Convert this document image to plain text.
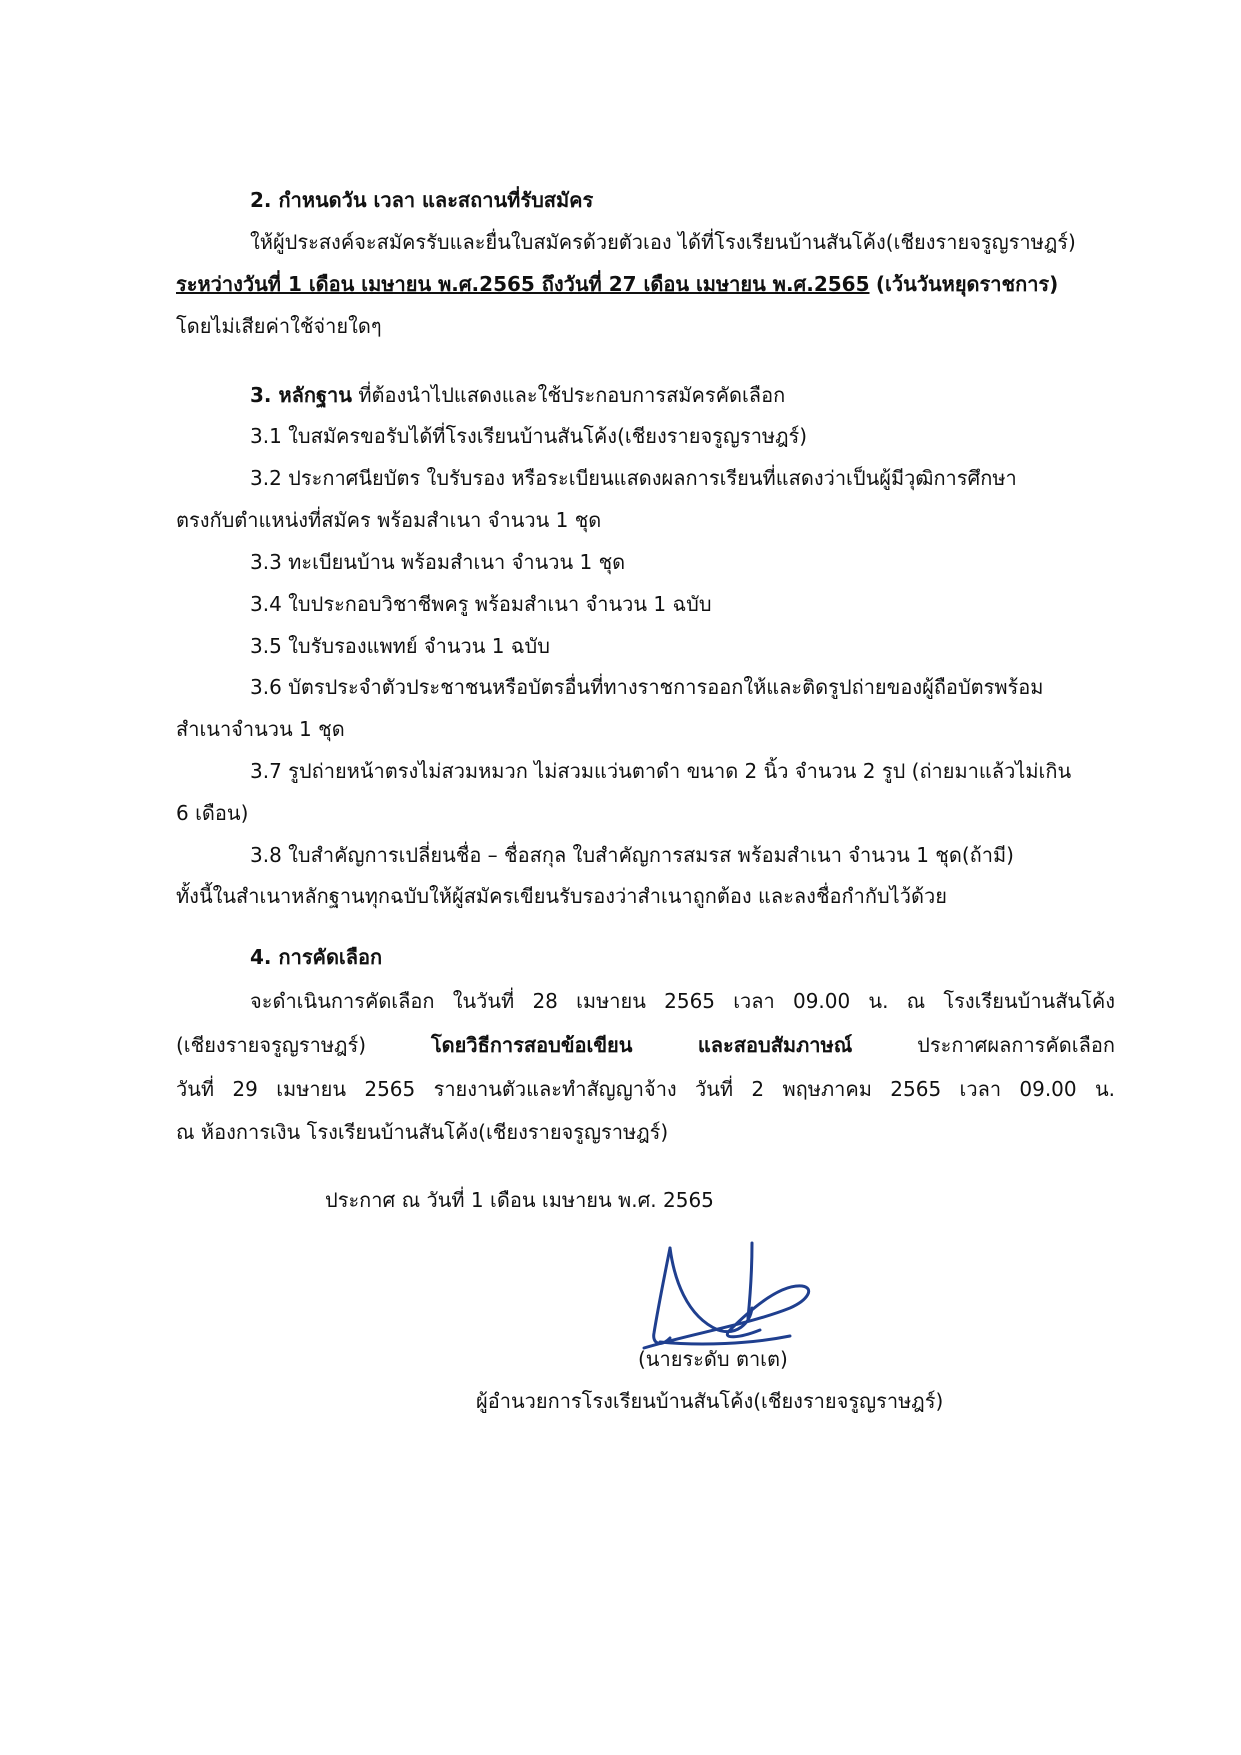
2. กำหนดวัน เวลา และสถานที่รับสมัคร
ให้ผู้ประสงค์จะสมัครรับและยื่นใบสมัครด้วยตัวเอง ได้ที่โรงเรียนบ้านสันโค้ง(เชียงรายจรูญราษฎร์)
ระหว่างวันที่ 1 เดือน เมษายน พ.ศ.2565 ถึงวันที่ 27 เดือน เมษายน พ.ศ.2565 (เว้นวันหยุดราชการ)
โดยไม่เสียค่าใช้จ่ายใดๆ
3. หลักฐาน ที่ต้องนำไปแสดงและใช้ประกอบการสมัครคัดเลือก
3.1 ใบสมัครขอรับได้ที่โรงเรียนบ้านสันโค้ง(เชียงรายจรูญราษฎร์)
3.2 ประกาศนียบัตร ใบรับรอง หรือระเบียนแสดงผลการเรียนที่แสดงว่าเป็นผู้มีวุฒิการศึกษา
ตรงกับตำแหน่งที่สมัคร พร้อมสำเนา จำนวน 1 ชุด
3.3 ทะเบียนบ้าน พร้อมสำเนา จำนวน 1 ชุด
3.4 ใบประกอบวิชาชีพครู พร้อมสำเนา จำนวน 1 ฉบับ
3.5 ใบรับรองแพทย์ จำนวน 1 ฉบับ
3.6 บัตรประจำตัวประชาชนหรือบัตรอื่นที่ทางราชการออกให้และติดรูปถ่ายของผู้ถือบัตรพร้อม
สำเนาจำนวน 1 ชุด
3.7 รูปถ่ายหน้าตรงไม่สวมหมวก ไม่สวมแว่นตาดำ ขนาด 2 นิ้ว จำนวน 2 รูป (ถ่ายมาแล้วไม่เกิน
6 เดือน)
3.8 ใบสำคัญการเปลี่ยนชื่อ – ชื่อสกุล ใบสำคัญการสมรส พร้อมสำเนา จำนวน 1 ชุด(ถ้ามี)
ทั้งนี้ในสำเนาหลักฐานทุกฉบับให้ผู้สมัครเขียนรับรองว่าสำเนาถูกต้อง และลงชื่อกำกับไว้ด้วย
4. การคัดเลือก
จะดำเนินการคัดเลือก ในวันที่ 28 เมษายน 2565 เวลา 09.00 น. ณ โรงเรียนบ้านสันโค้ง
(เชียงรายจรูญราษฎร์)	โดยวิธีการสอบข้อเขียน และสอบสัมภาษณ์	ประกาศผลการคัดเลือก
วันที่ 29 เมษายน 2565 รายงานตัวและทำสัญญาจ้าง วันที่ 2 พฤษภาคม 2565 เวลา 09.00 น.
ณ ห้องการเงิน โรงเรียนบ้านสันโค้ง(เชียงรายจรูญราษฎร์)
ประกาศ ณ วันที่ 1 เดือน เมษายน พ.ศ. 2565
(นายระดับ ตาเต)
ผู้อำนวยการโรงเรียนบ้านสันโค้ง(เชียงรายจรูญราษฎร์)
